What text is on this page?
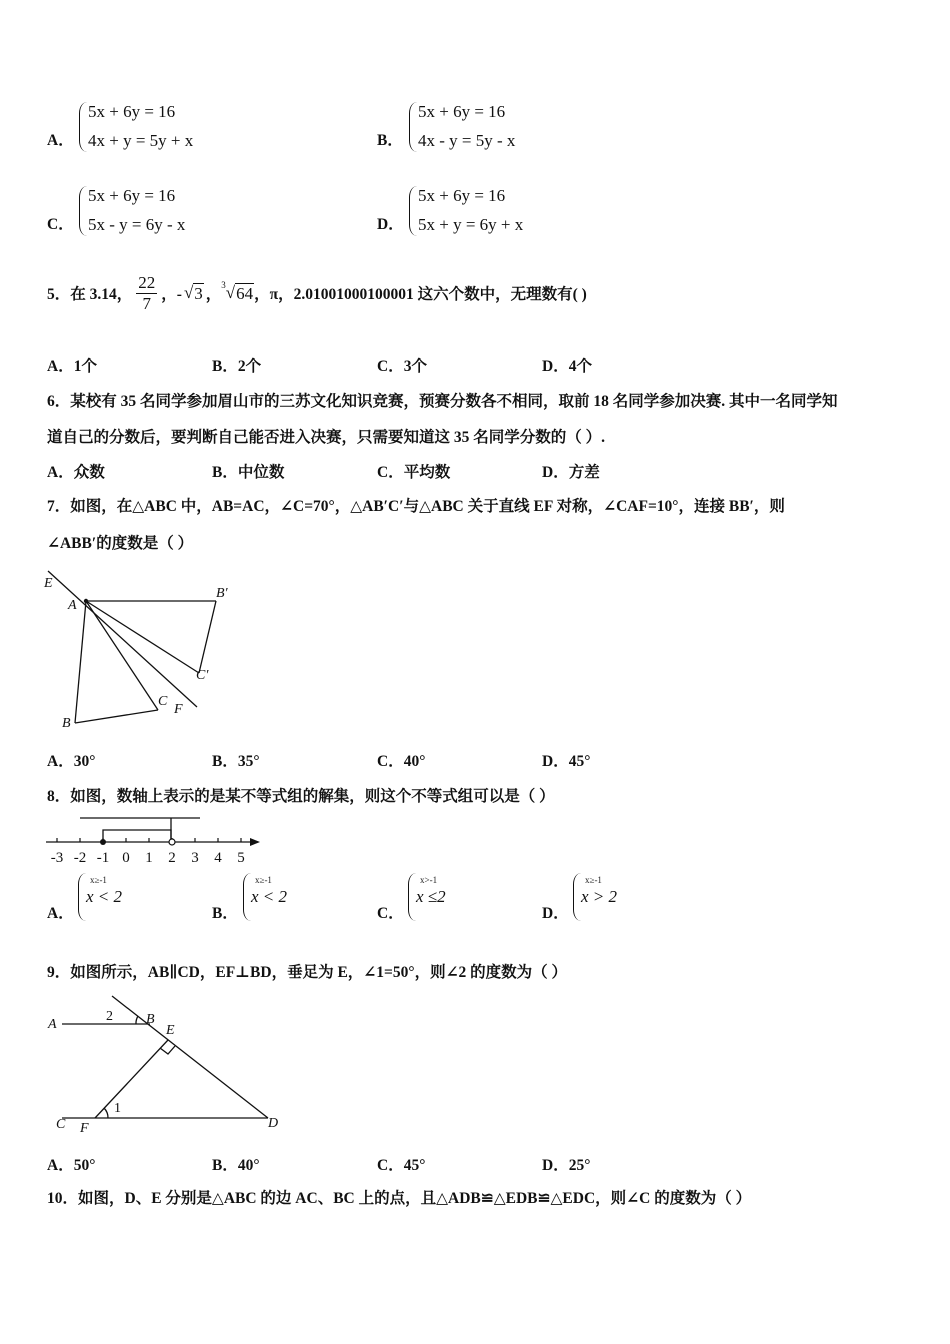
A．
5x + 6y = 16
4x + y = 5y + x	B．
5x + 6y = 16
4x - y = 5y - x
C．
5x + 6y = 16
5x - y = 6y - x	D．
5x + 6y = 16
5x + y = 6y + x
5．在 3.14， $\frac{22}{7}$ ，- √ 3 ，
3 √ 64 ，π，2.01001000100001 这六个数中，无理数有( )
A．1个	B．2个	C．3个	D．4个
6．某校有 35 名同学参加眉山市的三苏文化知识竞赛，预赛分数各不相同，取前 18 名同学参加决赛. 其中一名同学知
道自己的分数后，要判断自己能否进入决赛，只需要知道这 35 名同学分数的（ ）.
A．众数	B．中位数	C．平均数	D．方差
7．如图，在△ABC 中，AB=AC，∠C=70°，△AB′C′与△ABC 关于直线 EF 对称，∠CAF=10°，连接 BB′，则
∠ABB′的度数是（ ）
E
A
B′
C′
C
F
B
A．30°	B．35°	C．40°	D．45°
8．如图，数轴上表示的是某不等式组的解集，则这个不等式组可以是（ ）
-3 -2 -1 0 1 2 3 4 5
A．
x≥-1
x < 2
B．
x≥-1
x < 2
C．
x>-1
x ≤2
D．
x≥-1
x > 2
9．如图所示，AB∥CD，EF⊥BD，垂足为 E，∠1=50°，则∠2 的度数为（ ）
A
2 B
E
C F
1
D
A．50°	B．40°	C．45°	D．25°
10．如图，D、E 分别是△ABC 的边 AC、BC 上的点，且△ADB≌△EDB≌△EDC，则∠C 的度数为（ ）
